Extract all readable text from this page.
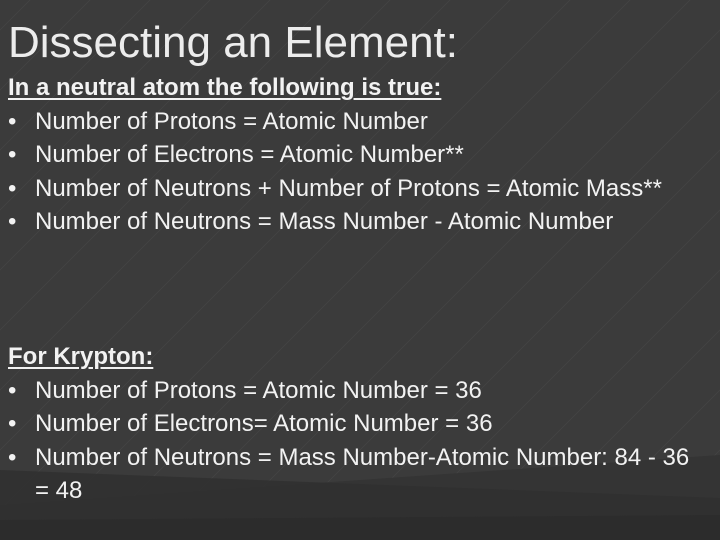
Dissecting an Element:
In a neutral atom the following is true:
• Number of Protons = Atomic Number
• Number of Electrons = Atomic Number**
• Number of Neutrons + Number of Protons = Atomic Mass**
• Number of Neutrons = Mass Number - Atomic Number
For Krypton:
• Number of Protons = Atomic Number = 36
• Number of Electrons= Atomic Number = 36
• Number of Neutrons = Mass Number-Atomic Number: 84 - 36 = 48
